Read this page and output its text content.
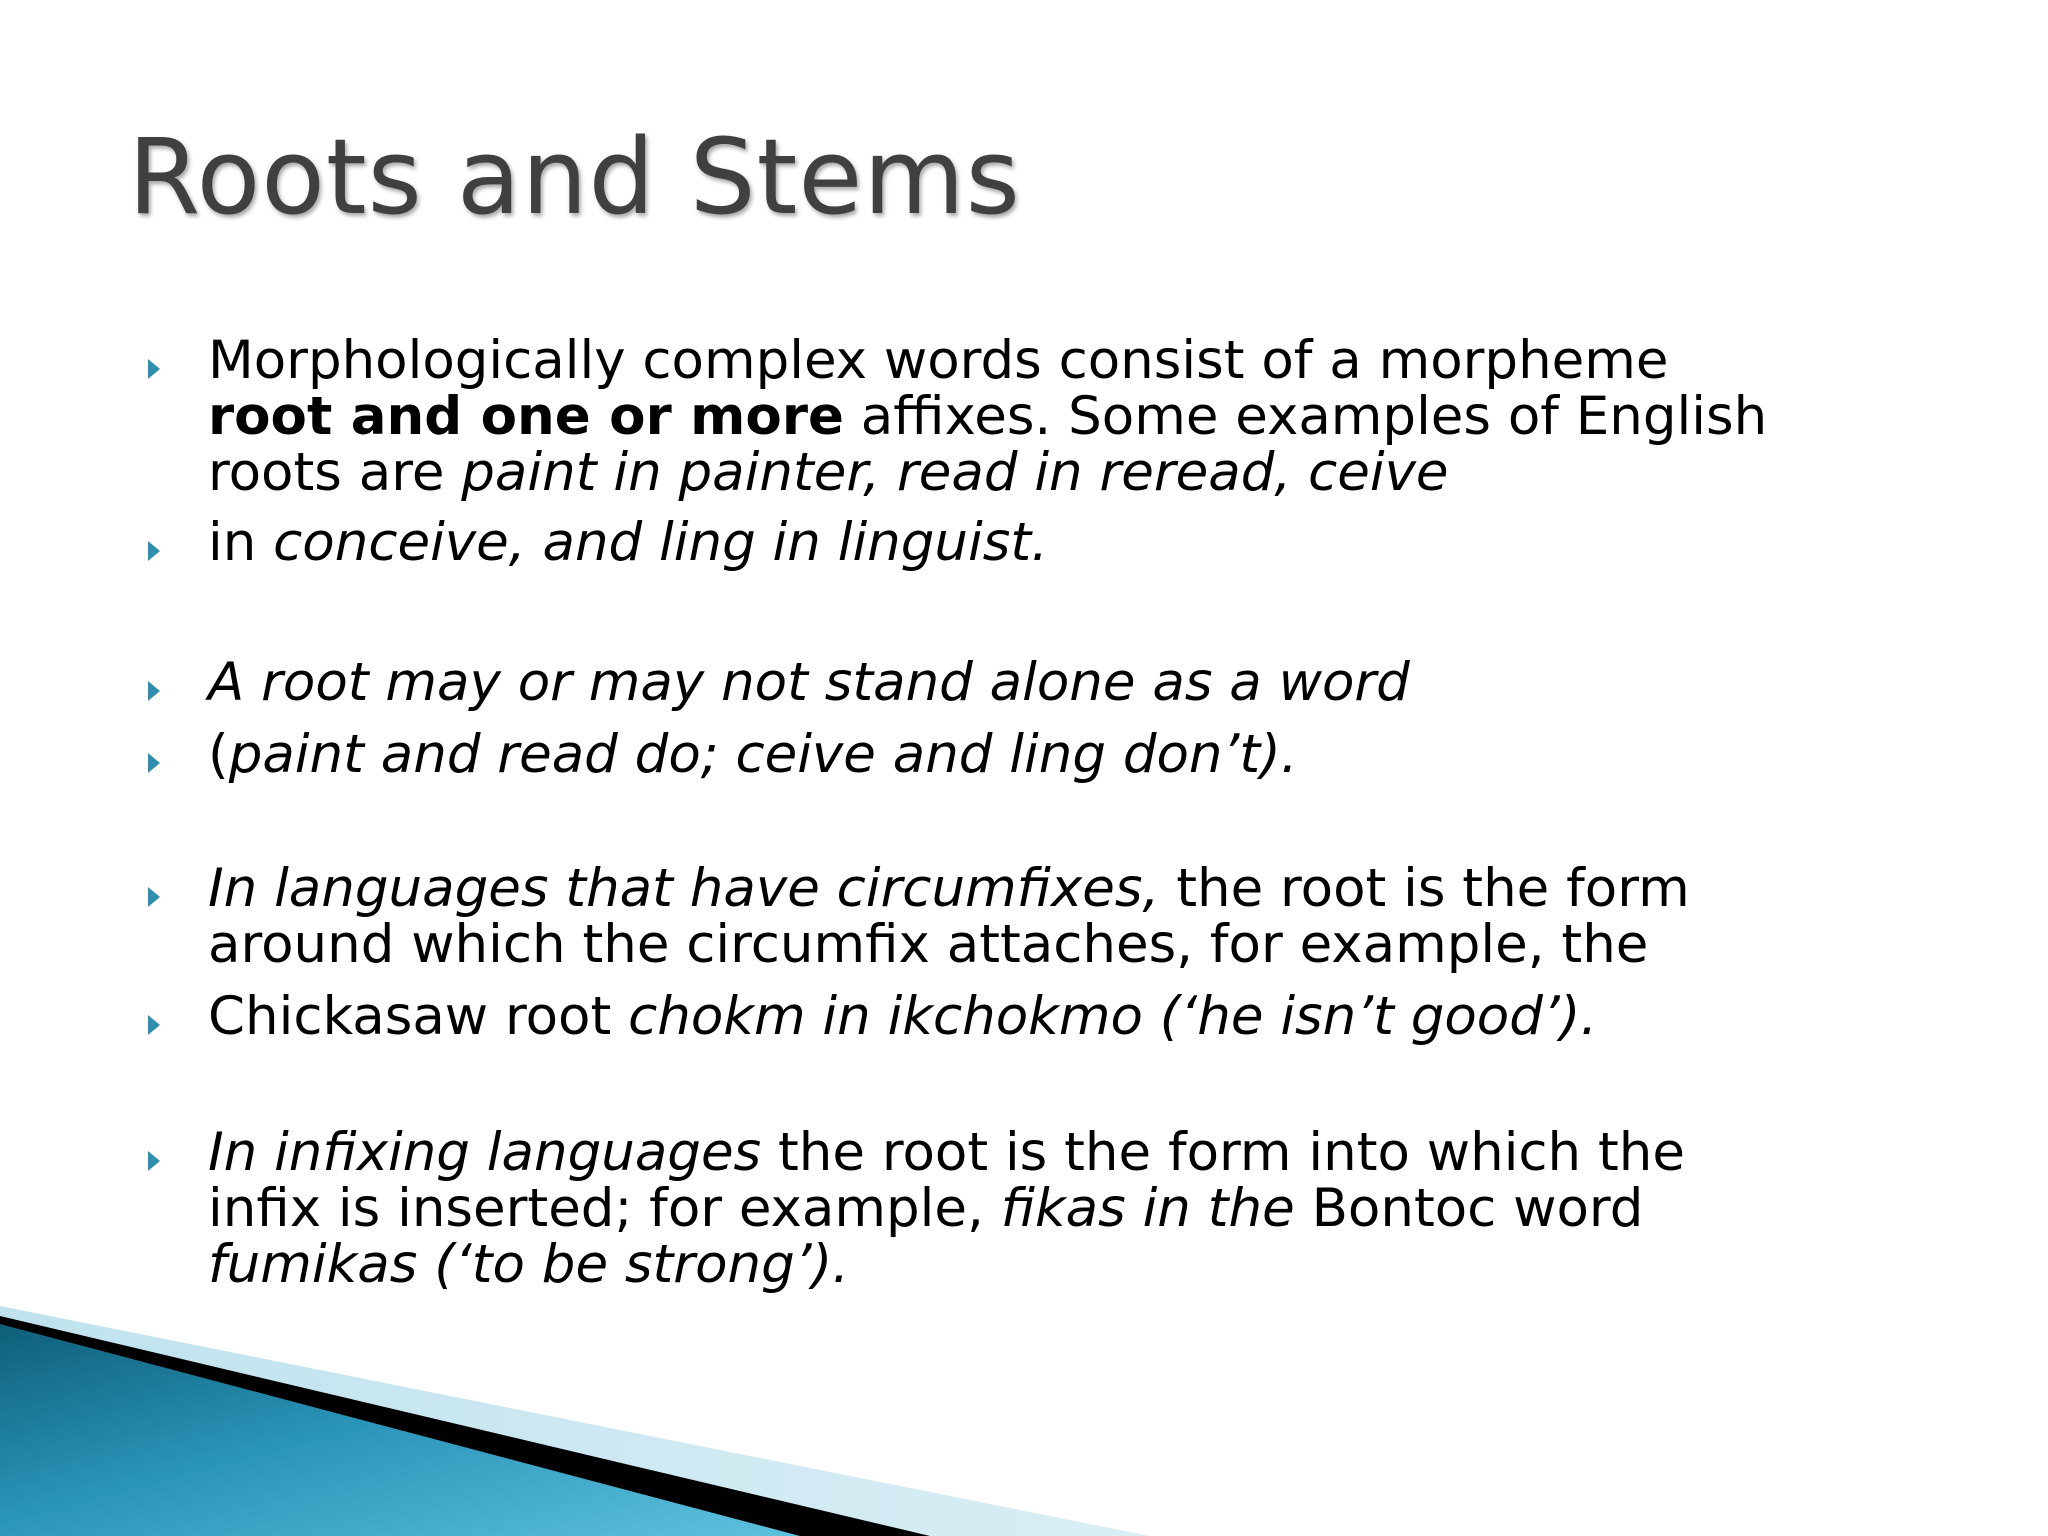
Roots and Stems
Morphologically complex words consist of a morpheme
root and one or more affixes. Some examples of English
roots are paint in painter, read in reread, ceive
in conceive, and ling in linguist.
A root may or may not stand alone as a word
(paint and read do; ceive and ling don’t).
In languages that have circumfixes, the root is the form
around which the circumfix attaches, for example, the
Chickasaw root chokm in ikchokmo (‘he isn’t good’).
In infixing languages the root is the form into which the
infix is inserted; for example, fikas in the Bontoc word
fumikas (‘to be strong’).
